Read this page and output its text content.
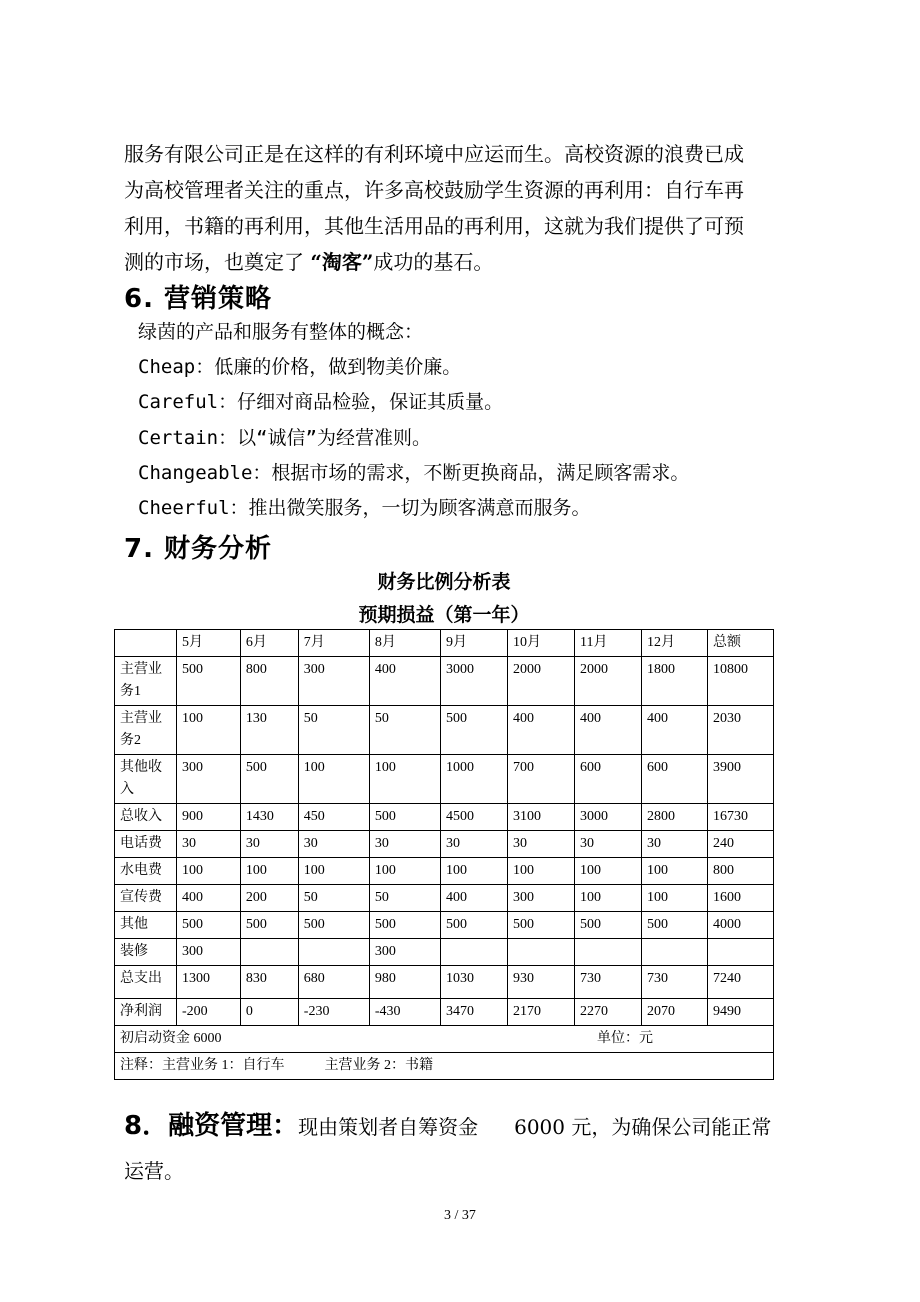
服务有限公司正是在这样的有利环境中应运而生。高校资源的浪费已成

为高校管理者关注的重点，许多高校鼓励学生资源的再利用：自行车再

利用，书籍的再利用，其他生活用品的再利用，这就为我们提供了可预

测的市场，也奠定了 “淘客”成功的基石。

6. 营销策略

绿茵的产品和服务有整体的概念：

Cheap：低廉的价格，做到物美价廉。

Careful：仔细对商品检验，保证其质量。

Certain：以“诚信”为经营准则。

Changeable：根据市场的需求，不断更换商品，满足顾客需求。

Cheerful：推出微笑服务，一切为顾客满意而服务。

7. 财务分析

财务比例分析表

预期损益（第一年）

	5月	6月	7月	8月	9月	10月	11月	12月	总额
主营业务1	500	800	300	400	3000	2000	2000	1800	10800
主营业务2	100	130	50	50	500	400	400	400	2030
其他收入	300	500	100	100	1000	700	600	600	3900
总收入	900	1430	450	500	4500	3100	3000	2800	16730
电话费	30	30	30	30	30	30	30	30	240
水电费	100	100	100	100	100	100	100	100	800
宣传费	400	200	50	50	400	300	100	100	1600
其他	500	500	500	500	500	500	500	500	4000
装修	300			300					
总支出	1300	830	680	980	1030	930	730	730	7240
净利润	-200	0	-230	-430	3470	2170	2270	2070	9490
初启动资金 6000 单位：元									

注释：主营业务 1：自行车 主营业务 2：书籍									

8．融资管理：现由策划者自筹资金 6000 元，为确保公司能正常

运营。

3 / 37
